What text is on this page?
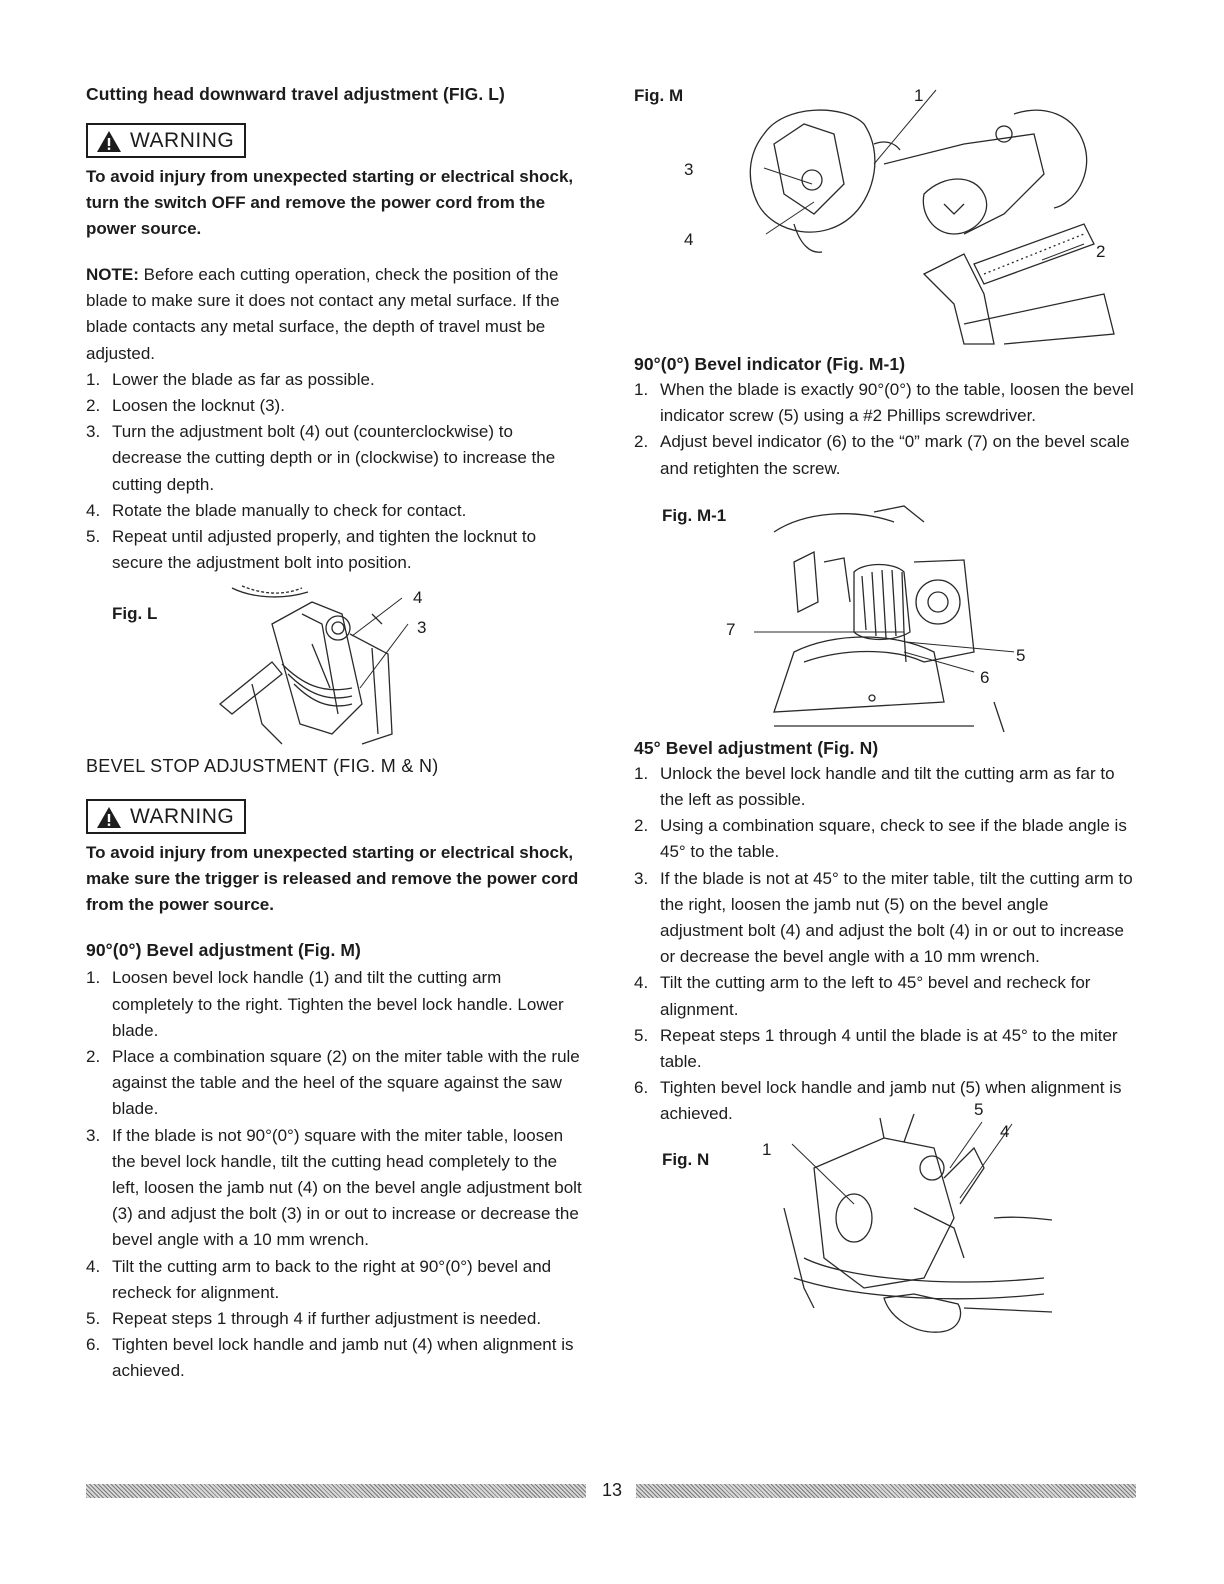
Cutting head downward travel adjustment (FIG. L)
WARNING

To avoid injury from unexpected starting or electrical shock, turn the switch OFF and remove the power cord from the power source.

NOTE: Before each cutting operation, check the position of the blade to make sure it does not contact any metal surface. If the blade contacts any metal surface, the depth of travel must be adjusted.

1. Lower the blade as far as possible.
2. Loosen the locknut (3).
3. Turn the adjustment bolt (4) out (counterclockwise) to decrease the cutting depth or in (clockwise) to increase the cutting depth.
4. Rotate the blade manually to check for contact.
5. Repeat until adjusted properly, and tighten the locknut to secure the adjustment bolt into position.
Fig. L
4
3
BEVEL STOP ADJUSTMENT (FIG. M & N)
WARNING

To avoid injury from unexpected starting or electrical shock, make sure the trigger is released and remove the power cord from the power source.

90°(0°) Bevel adjustment (Fig. M)
1. Loosen bevel lock handle (1) and tilt the cutting arm completely to the right. Tighten the bevel lock handle. Lower blade.
2. Place a combination square (2) on the miter table with the rule against the table and the heel of the square against the saw blade.
3. If the blade is not 90°(0°) square with the miter table, loosen the bevel lock handle, tilt the cutting head completely to the left, loosen the jamb nut (4) on the bevel angle adjustment bolt (3) and adjust the bolt (3) in or out to increase or decrease the bevel angle with a 10 mm wrench.
4. Tilt the cutting arm to back to the right at 90°(0°) bevel and recheck for alignment.
5. Repeat steps 1 through 4 if further adjustment is needed.
6. Tighten bevel lock handle and jamb nut (4) when alignment is achieved.
Fig. M	1
3
4
2
90°(0°) Bevel indicator (Fig. M-1)
1. When the blade is exactly 90°(0°) to the table, loosen the bevel indicator screw (5) using a #2 Phillips screwdriver.
2. Adjust bevel indicator (6) to the “0” mark (7) on the bevel scale and retighten the screw.
Fig. M-1
7
5
6
45° Bevel adjustment (Fig. N)
1. Unlock the bevel lock handle and tilt the cutting arm as far to the left as possible.
2. Using a combination square, check to see if the blade angle is 45° to the table.
3. If the blade is not at 45° to the miter table, tilt the cutting arm to the right, loosen the jamb nut (5) on the bevel angle adjustment bolt (4) and adjust the bolt (4) in or out to increase or decrease the bevel angle with a 10 mm wrench.
4. Tilt the cutting arm to the left to 45° bevel and recheck for alignment.
5. Repeat steps 1 through 4 until the blade is at 45° to the miter table.
6. Tighten bevel lock handle and jamb nut (5) when alignment is achieved.	5
Fig. N
1
4
13
